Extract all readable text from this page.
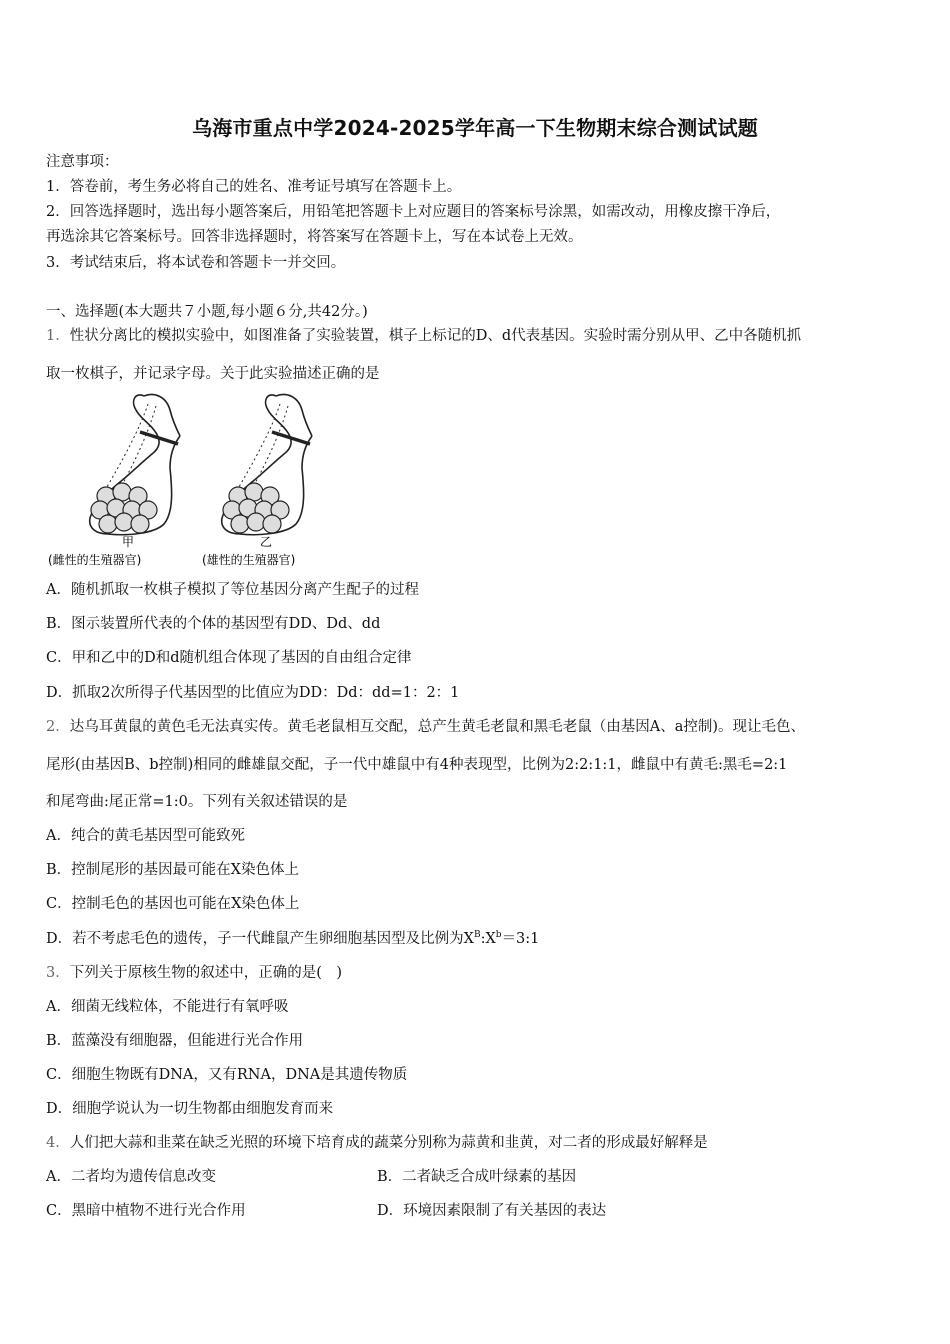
乌海市重点中学2024-2025学年高一下生物期末综合测试试题
注意事项：
1．答卷前，考生务必将自己的姓名、准考证号填写在答题卡上。
2．回答选择题时，选出每小题答案后，用铅笔把答题卡上对应题目的答案标号涂黑，如需改动，用橡皮擦干净后，
再选涂其它答案标号。回答非选择题时，将答案写在答题卡上，写在本试卷上无效。
3．考试结束后，将本试卷和答题卡一并交回。
一、选择题(本大题共７小题,每小题６分,共42分。)
1．性状分离比的模拟实验中，如图准备了实验装置，棋子上标记的D、d代表基因。实验时需分别从甲、乙中各随机抓
取一枚棋子，并记录字母。关于此实验描述正确的是
甲
(雌性的生殖器官)
乙
(雄性的生殖器官)
A．随机抓取一枚棋子模拟了等位基因分离产生配子的过程
B．图示装置所代表的个体的基因型有DD、Dd、dd
C．甲和乙中的D和d随机组合体现了基因的自由组合定律
D．抓取2次所得子代基因型的比值应为DD：Dd：dd=1：2：1
2．达乌耳黄鼠的黄色毛无法真实传。黄毛老鼠相互交配，总产生黄毛老鼠和黑毛老鼠（由基因A、a控制)。现让毛色、
尾形(由基因B、b控制)相同的雌雄鼠交配，子一代中雄鼠中有4种表现型，比例为2:2:1:1，雌鼠中有黄毛:黑毛=2:1
和尾弯曲:尾正常=1:0。下列有关叙述错误的是
A．纯合的黄毛基因型可能致死
B．控制尾形的基因最可能在X染色体上
C．控制毛色的基因也可能在X染色体上
D．若不考虑毛色的遗传，子一代雌鼠产生卵细胞基因型及比例为$X^B:X^b=3:1$
3．下列关于原核生物的叙述中，正确的是(　)
A．细菌无线粒体，不能进行有氧呼吸
B．蓝藻没有细胞器，但能进行光合作用
C．细胞生物既有DNA，又有RNA，DNA是其遗传物质
D．细胞学说认为一切生物都由细胞发育而来
4．人们把大蒜和韭菜在缺乏光照的环境下培育成的蔬菜分别称为蒜黄和韭黄，对二者的形成最好解释是
A．二者均为遗传信息改变	B．二者缺乏合成叶绿素的基因
C．黑暗中植物不进行光合作用	D．环境因素限制了有关基因的表达
